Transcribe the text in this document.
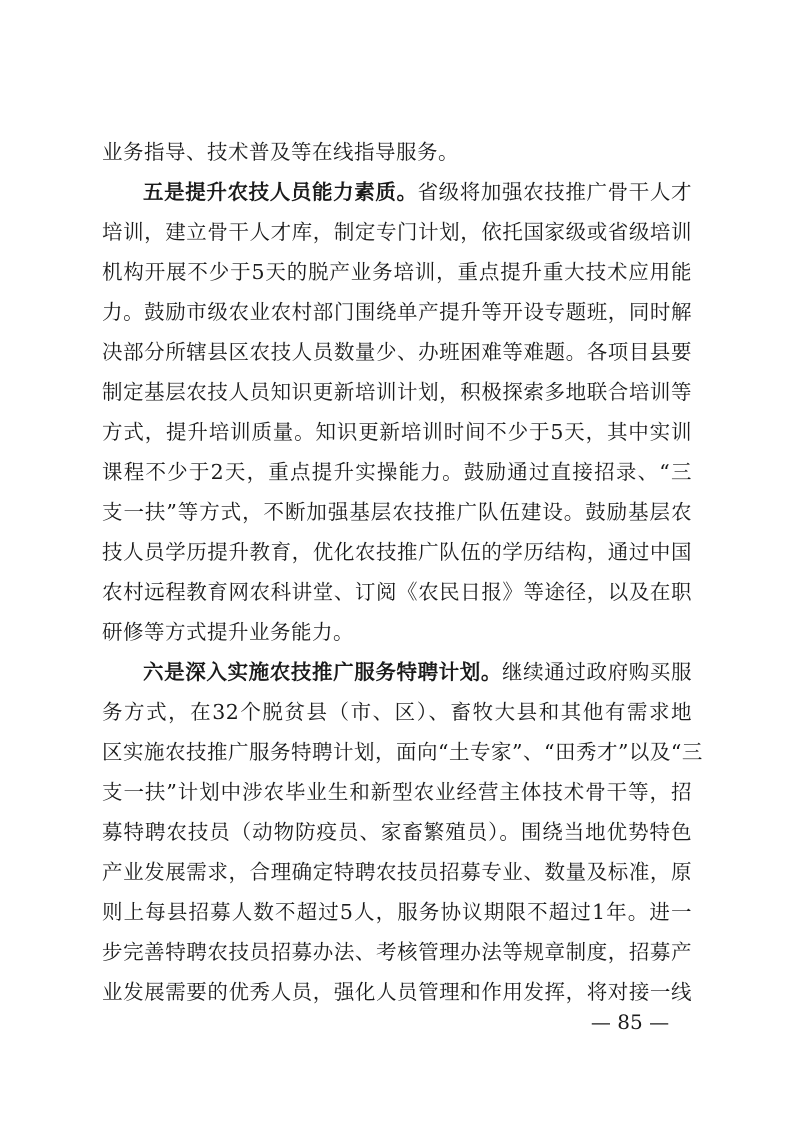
业务指导、技术普及等在线指导服务。
五是提升农技人员能力素质。省级将加强农技推广骨干人才
培训，建立骨干人才库，制定专门计划，依托国家级或省级培训
机构开展不少于5天的脱产业务培训，重点提升重大技术应用能
力。鼓励市级农业农村部门围绕单产提升等开设专题班，同时解
决部分所辖县区农技人员数量少、办班困难等难题。各项目县要
制定基层农技人员知识更新培训计划，积极探索多地联合培训等
方式，提升培训质量。知识更新培训时间不少于5天，其中实训
课程不少于2天，重点提升实操能力。鼓励通过直接招录、“三
支一扶”等方式，不断加强基层农技推广队伍建设。鼓励基层农
技人员学历提升教育，优化农技推广队伍的学历结构，通过中国
农村远程教育网农科讲堂、订阅《农民日报》等途径，以及在职
研修等方式提升业务能力。
六是深入实施农技推广服务特聘计划。继续通过政府购买服
务方式，在32个脱贫县（市、区）、畜牧大县和其他有需求地
区实施农技推广服务特聘计划，面向“土专家”、“田秀才”以及“三
支一扶”计划中涉农毕业生和新型农业经营主体技术骨干等，招
募特聘农技员（动物防疫员、家畜繁殖员）。围绕当地优势特色
产业发展需求，合理确定特聘农技员招募专业、数量及标准，原
则上每县招募人数不超过5人，服务协议期限不超过1年。进一
步完善特聘农技员招募办法、考核管理办法等规章制度，招募产
业发展需要的优秀人员，强化人员管理和作用发挥，将对接一线
— 85 —
